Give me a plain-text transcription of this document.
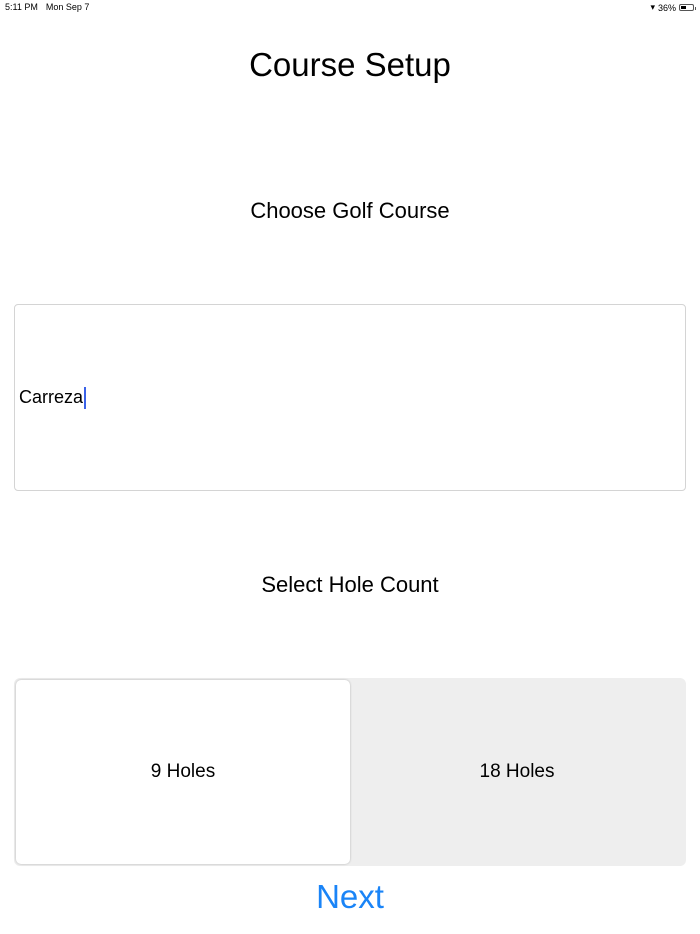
5:11 PM Mon Sep 7	▾ 36%
Course Setup
Choose Golf Course
Carreza
Select Hole Count
9 Holes	18 Holes
Next
